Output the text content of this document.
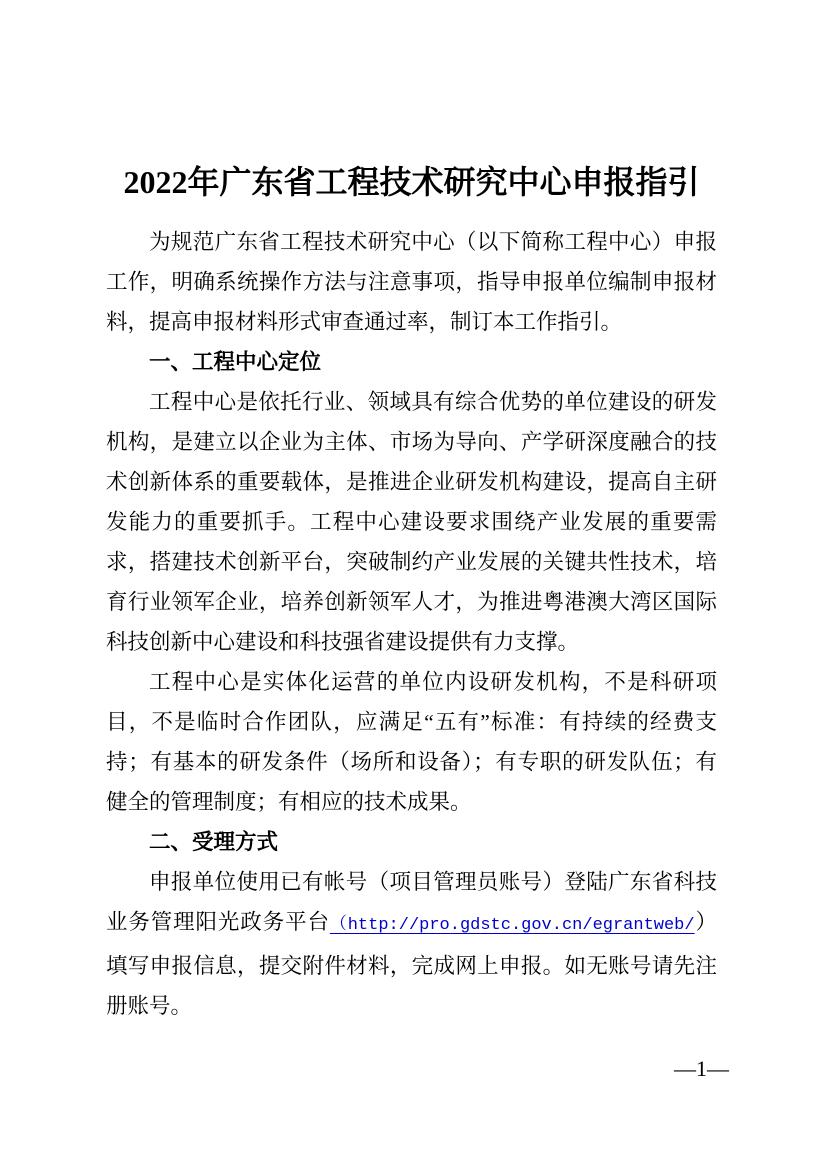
2022年广东省工程技术研究中心申报指引

为规范广东省工程技术研究中心（以下简称工程中心）申报工作，明确系统操作方法与注意事项，指导申报单位编制申报材料，提高申报材料形式审查通过率，制订本工作指引。

一、工程中心定位

工程中心是依托行业、领域具有综合优势的单位建设的研发机构，是建立以企业为主体、市场为导向、产学研深度融合的技术创新体系的重要载体，是推进企业研发机构建设，提高自主研发能力的重要抓手。工程中心建设要求围绕产业发展的重要需求，搭建技术创新平台，突破制约产业发展的关键共性技术，培育行业领军企业，培养创新领军人才，为推进粤港澳大湾区国际科技创新中心建设和科技强省建设提供有力支撑。

工程中心是实体化运营的单位内设研发机构，不是科研项目，不是临时合作团队，应满足“五有”标准：有持续的经费支持；有基本的研发条件（场所和设备）；有专职的研发队伍；有健全的管理制度；有相应的技术成果。

二、受理方式

申报单位使用已有帐号（项目管理员账号）登陆广东省科技业务管理阳光政务平台（http://pro.gdstc.gov.cn/egrantweb/）填写申报信息，提交附件材料，完成网上申报。如无账号请先注册账号。

—1—
